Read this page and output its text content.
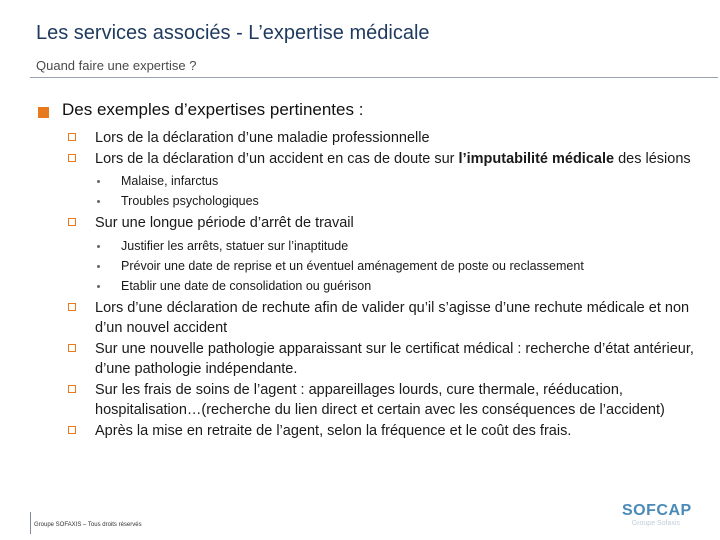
Les services associés - L’expertise médicale
Quand faire une expertise ?
Des exemples d’expertises pertinentes :
Lors de la déclaration d’une maladie professionnelle
Lors de la déclaration d’un accident en cas de doute sur l’imputabilité médicale des lésions
Malaise, infarctus
Troubles psychologiques
Sur une longue période d’arrêt de travail
Justifier les arrêts, statuer sur l’inaptitude
Prévoir une date de reprise et un éventuel aménagement de poste ou reclassement
Etablir une date de consolidation ou guérison
Lors d’une déclaration de rechute afin de valider qu’il s’agisse d’une rechute médicale et non d’un nouvel accident
Sur une nouvelle pathologie apparaissant sur le certificat médical : recherche d’état antérieur, d’une pathologie indépendante.
Sur les frais de soins de l’agent : appareillages lourds, cure thermale, rééducation, hospitalisation…(recherche du lien direct et certain avec les conséquences de l’accident)
Après la mise en retraite de l’agent, selon la fréquence et le coût des frais.
Groupe SOFAXIS – Tous droits réservés
SOFCAP
Groupe Sofaxis
